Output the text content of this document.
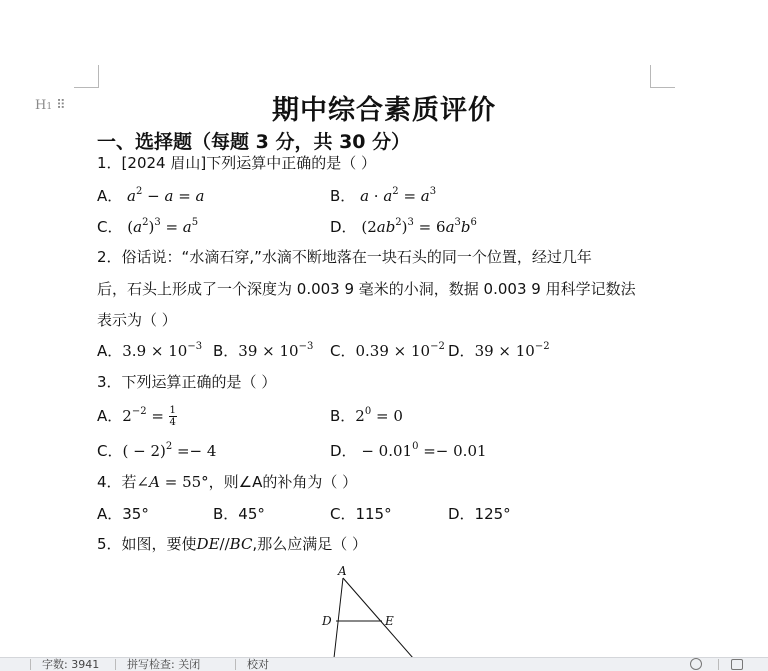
H1 ⠿	期中综合素质评价
一、选择题（每题 3 分，共 30 分）
1．[2024 眉山]下列运算中正确的是（ ）
A． $a^2 - a = a$	B． $a \cdot a^2 = a^3$
C． $(a^2)^3 = a^5$	D． $(2ab^2)^3 = 6a^3b^6$
2．俗话说：“水滴石穿,”水滴不断地落在一块石头的同一个位置，经过几年
后，石头上形成了一个深度为 0.003 9 毫米的小洞，数据 0.003 9 用科学记数法
表示为（ ）
A．$3.9 \times 10^{-3}$ B．$39 \times 10^{-3}$ C．$0.39 \times 10^{-2}$ D．$39 \times 10^{-2}$
3．下列运算正确的是（ ）
A．$2^{-2} = \frac{1}{4}$	B．$2^0 = 0$
C．( − 2)$^2$ =− 4	D． − $0.01^0 =- 0.01$
4．若∠A = 55°，则∠A的补角为（ ）
A．35°	B．45°	C．115°	D．125°
5．如图，要使DE//BC,那么应满足（ ）
A
D	E
字数: 3941	拼写检查: 关闭	校对
